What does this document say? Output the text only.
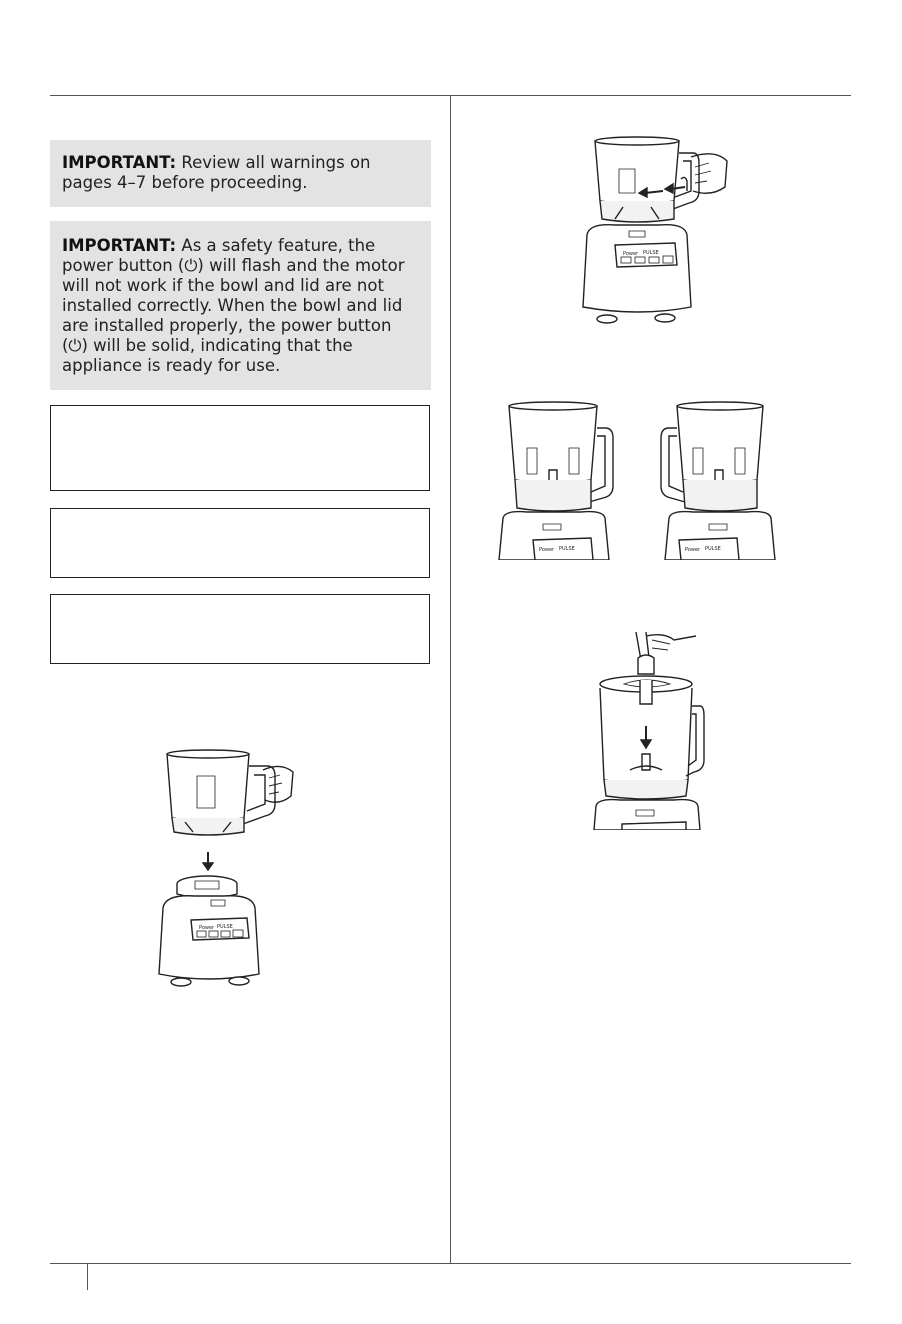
IMPORTANT: Review all warnings on pages 4–7 before proceeding.
IMPORTANT: As a safety feature, the power button (⏻) will flash and the motor will not work if the bowl and lid are not installed correctly. When the bowl and lid are installed properly, the power button (⏻) will be solid, indicating that the appliance is ready for use.
Power PULSE
Power PULSE
Power PULSE	Power PULSE
